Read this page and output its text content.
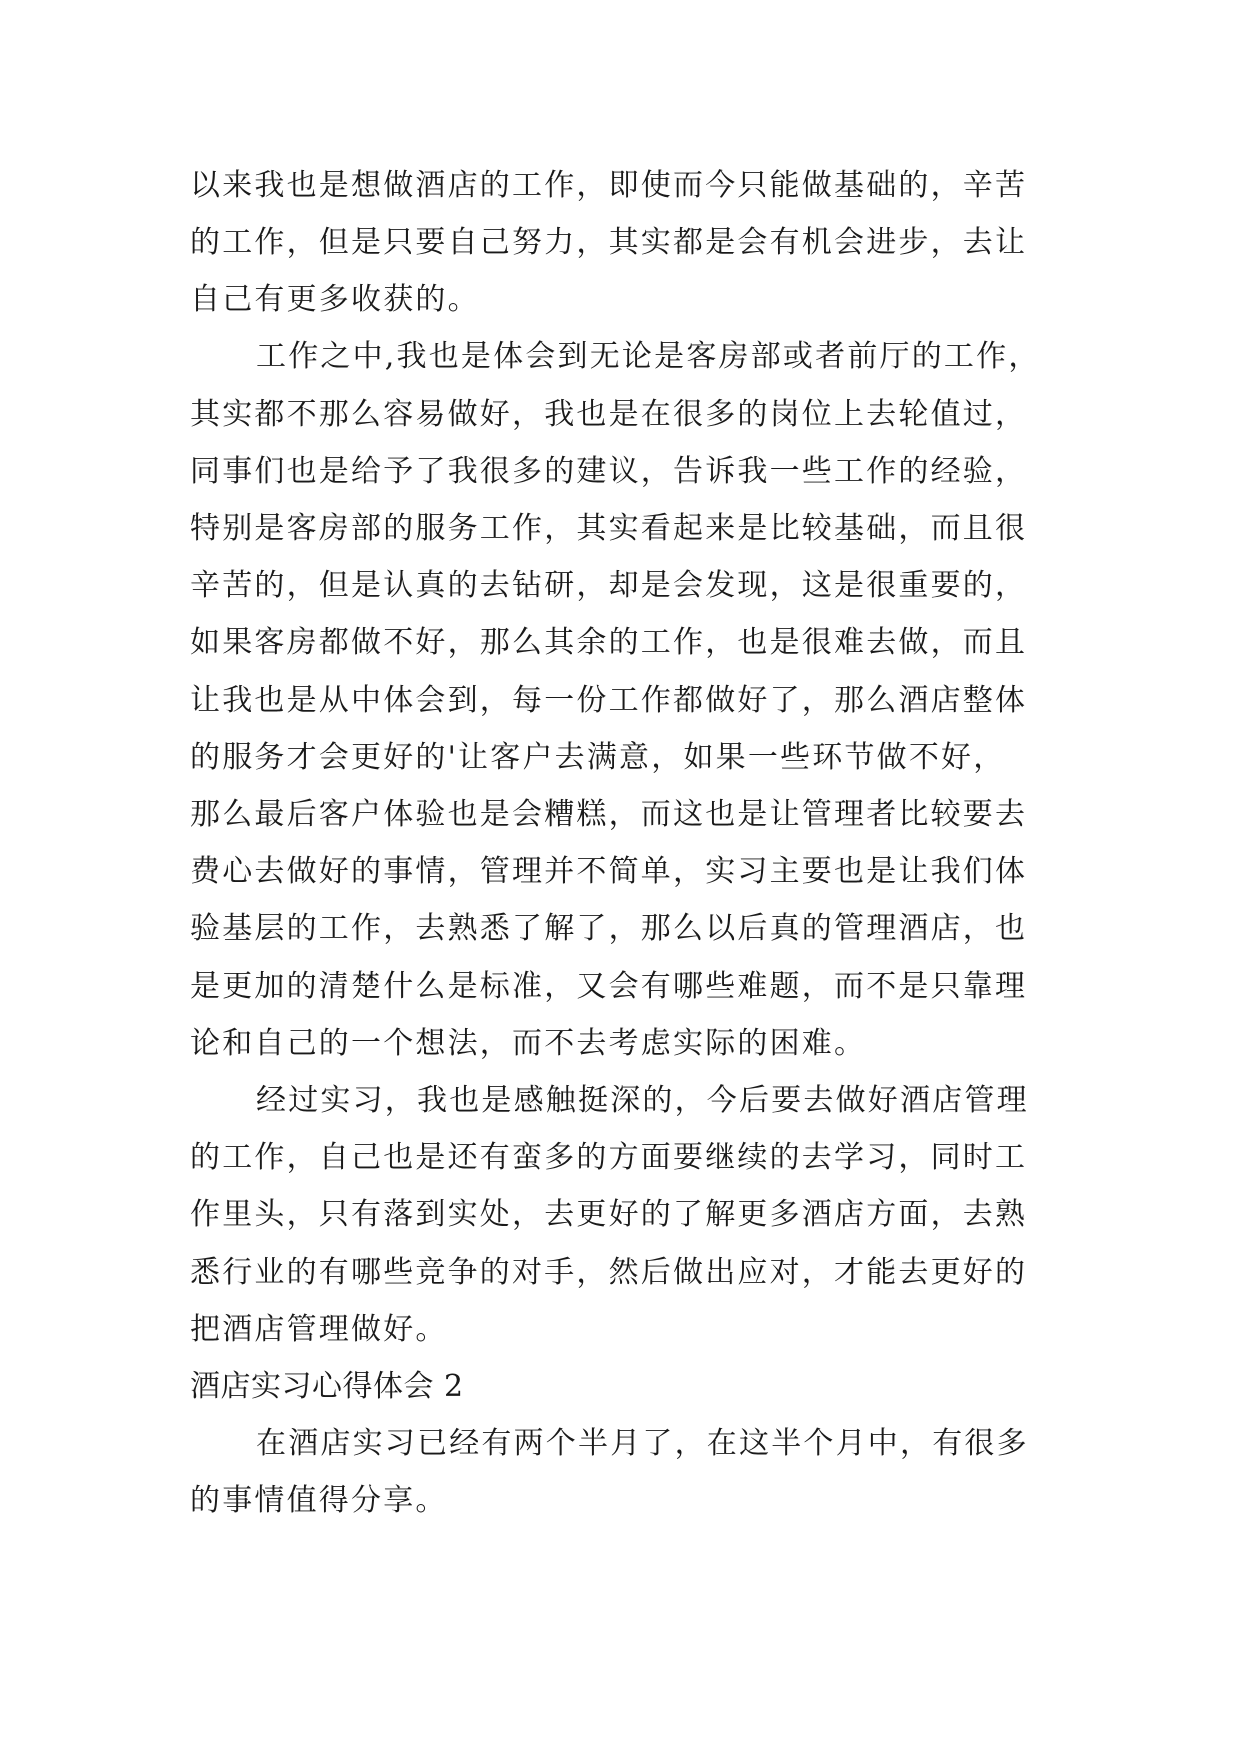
以来我也是想做酒店的工作，即使而今只能做基础的，辛苦
的工作，但是只要自己努力，其实都是会有机会进步，去让
自己有更多收获的。
工作之中,我也是体会到无论是客房部或者前厅的工作，
其实都不那么容易做好，我也是在很多的岗位上去轮值过，
同事们也是给予了我很多的建议，告诉我一些工作的经验，
特别是客房部的服务工作，其实看起来是比较基础，而且很
辛苦的，但是认真的去钻研，却是会发现，这是很重要的，
如果客房都做不好，那么其余的工作，也是很难去做，而且
让我也是从中体会到，每一份工作都做好了，那么酒店整体
的服务才会更好的'让客户去满意，如果一些环节做不好，
那么最后客户体验也是会糟糕，而这也是让管理者比较要去
费心去做好的事情，管理并不简单，实习主要也是让我们体
验基层的工作，去熟悉了解了，那么以后真的管理酒店，也
是更加的清楚什么是标准，又会有哪些难题，而不是只靠理
论和自己的一个想法，而不去考虑实际的困难。
经过实习，我也是感触挺深的，今后要去做好酒店管理
的工作，自己也是还有蛮多的方面要继续的去学习，同时工
作里头，只有落到实处，去更好的了解更多酒店方面，去熟
悉行业的有哪些竞争的对手，然后做出应对，才能去更好的
把酒店管理做好。
酒店实习心得体会 2
在酒店实习已经有两个半月了，在这半个月中，有很多
的事情值得分享。
